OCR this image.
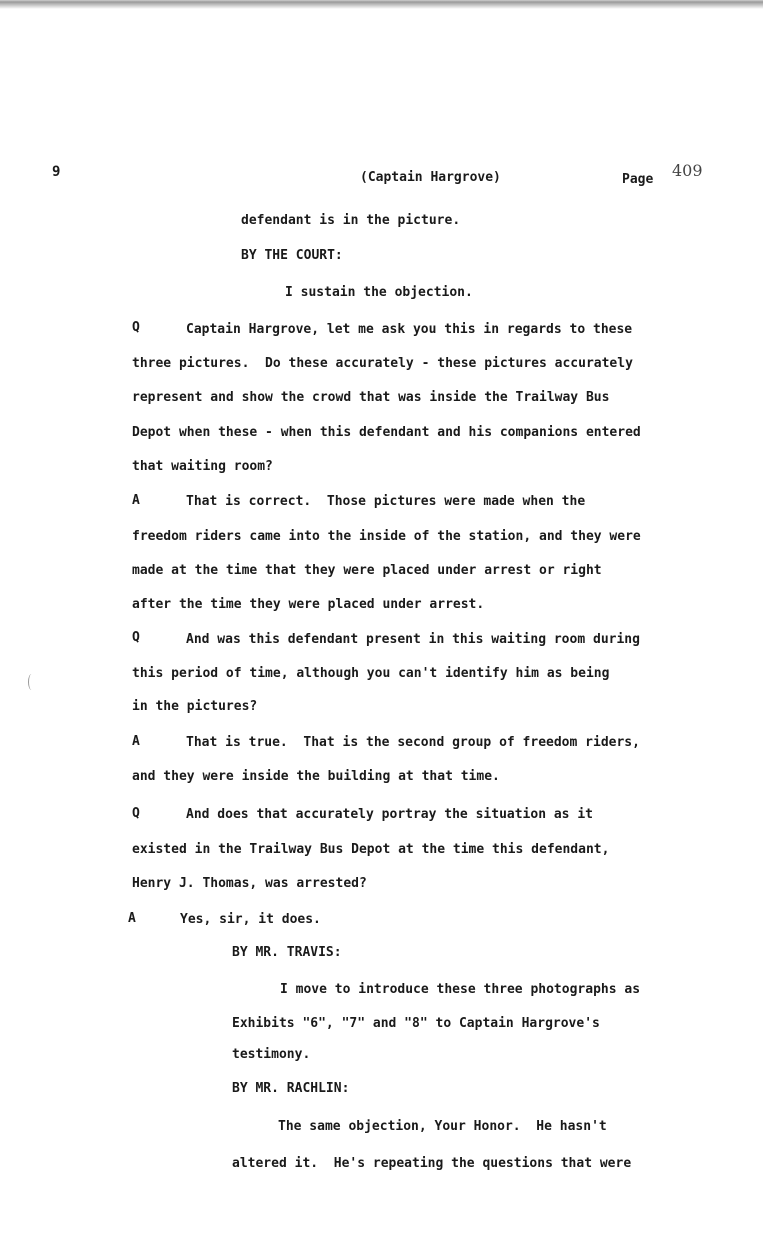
9	(Captain Hargrove)	Page 409
defendant is in the picture.
BY THE COURT:
I sustain the objection.
Q	Captain Hargrove, let me ask you this in regards to these
three pictures.  Do these accurately - these pictures accurately
represent and show the crowd that was inside the Trailway Bus
Depot when these - when this defendant and his companions entered
that waiting room?
A	That is correct.  Those pictures were made when the
freedom riders came into the inside of the station, and they were
made at the time that they were placed under arrest or right
after the time they were placed under arrest.
Q	And was this defendant present in this waiting room during
this period of time, although you can't identify him as being
in the pictures?
A	That is true.  That is the second group of freedom riders,
and they were inside the building at that time.
Q	And does that accurately portray the situation as it
existed in the Trailway Bus Depot at the time this defendant,
Henry J. Thomas, was arrested?
A	Yes, sir, it does.
BY MR. TRAVIS:
I move to introduce these three photographs as
Exhibits "6", "7" and "8" to Captain Hargrove's
testimony.
BY MR. RACHLIN:
The same objection, Your Honor.  He hasn't
altered it.  He's repeating the questions that were
